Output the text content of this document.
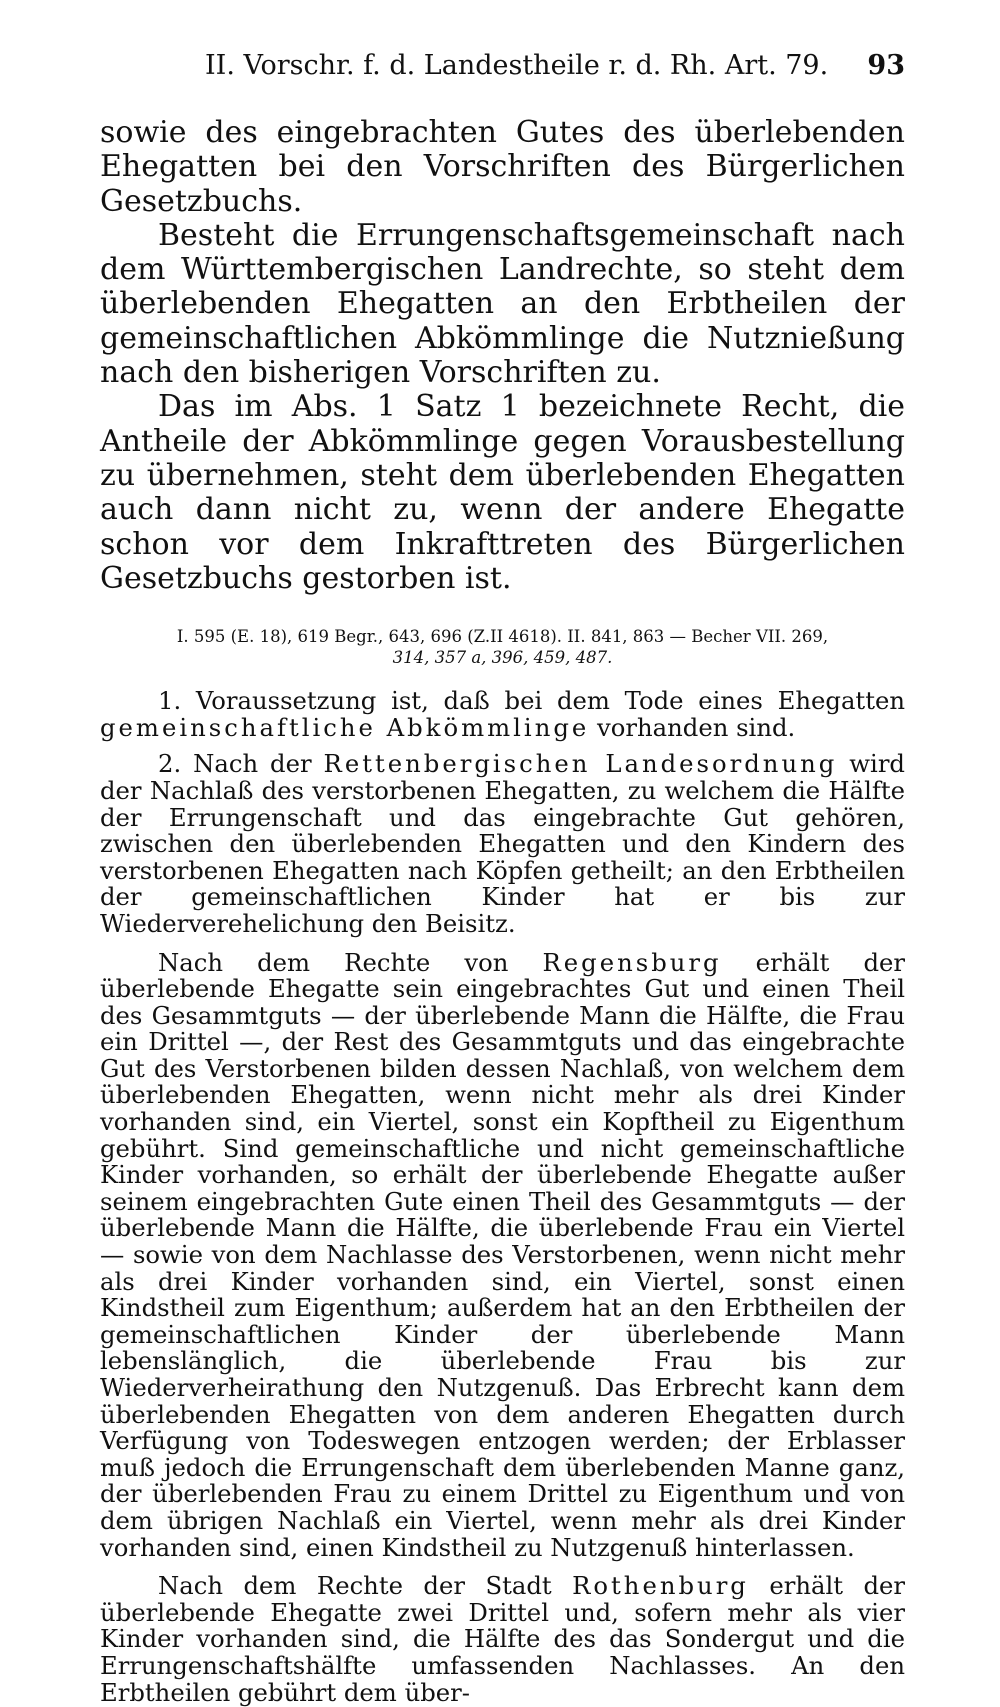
II. Vorschr. f. d. Landestheile r. d. Rh. Art. 79. 93

sowie des eingebrachten Gutes des überlebenden Ehegatten bei den Vorschriften des Bürgerlichen Gesetzbuchs.

Besteht die Errungenschaftsgemeinschaft nach dem Württembergischen Landrechte, so steht dem überlebenden Ehegatten an den Erbtheilen der gemeinschaftlichen Abkömmlinge die Nutznießung nach den bisherigen Vorschriften zu.

Das im Abs. 1 Satz 1 bezeichnete Recht, die Antheile der Abkömmlinge gegen Vorausbestellung zu übernehmen, steht dem überlebenden Ehegatten auch dann nicht zu, wenn der andere Ehegatte schon vor dem Inkrafttreten des Bürgerlichen Gesetzbuchs gestorben ist.

I. 595 (E. 18), 619 Begr., 643, 696 (Z.II 4618). II. 841, 863 — Becher VII. 269,
314, 357 a, 396, 459, 487.

1. Voraussetzung ist, daß bei dem Tode eines Ehegatten gemeinschaftliche Abkömmlinge vorhanden sind.

2. Nach der Rettenbergischen Landesordnung wird der Nachlaß des verstorbenen Ehegatten, zu welchem die Hälfte der Errungenschaft und das eingebrachte Gut gehören, zwischen den überlebenden Ehegatten und den Kindern des verstorbenen Ehegatten nach Köpfen getheilt; an den Erbtheilen der gemeinschaftlichen Kinder hat er bis zur Wiederverehelichung den Beisitz.

Nach dem Rechte von Regensburg erhält der überlebende Ehegatte sein eingebrachtes Gut und einen Theil des Gesammtguts — der überlebende Mann die Hälfte, die Frau ein Drittel —, der Rest des Gesammtguts und das eingebrachte Gut des Verstorbenen bilden dessen Nachlaß, von welchem dem überlebenden Ehegatten, wenn nicht mehr als drei Kinder vorhanden sind, ein Viertel, sonst ein Kopftheil zu Eigenthum gebührt. Sind gemeinschaftliche und nicht gemeinschaftliche Kinder vorhanden, so erhält der überlebende Ehegatte außer seinem eingebrachten Gute einen Theil des Gesammtguts — der überlebende Mann die Hälfte, die überlebende Frau ein Viertel — sowie von dem Nachlasse des Verstorbenen, wenn nicht mehr als drei Kinder vorhanden sind, ein Viertel, sonst einen Kindstheil zum Eigenthum; außerdem hat an den Erbtheilen der gemeinschaftlichen Kinder der überlebende Mann lebenslänglich, die überlebende Frau bis zur Wiederverheirathung den Nutzgenuß. Das Erbrecht kann dem überlebenden Ehegatten von dem anderen Ehegatten durch Verfügung von Todeswegen entzogen werden; der Erblasser muß jedoch die Errungenschaft dem überlebenden Manne ganz, der überlebenden Frau zu einem Drittel zu Eigenthum und von dem übrigen Nachlaß ein Viertel, wenn mehr als drei Kinder vorhanden sind, einen Kindstheil zu Nutzgenuß hinterlassen.

Nach dem Rechte der Stadt Rothenburg erhält der überlebende Ehegatte zwei Drittel und, sofern mehr als vier Kinder vorhanden sind, die Hälfte des das Sondergut und die Errungenschaftshälfte umfassenden Nachlasses. An den Erbtheilen gebührt dem über-
